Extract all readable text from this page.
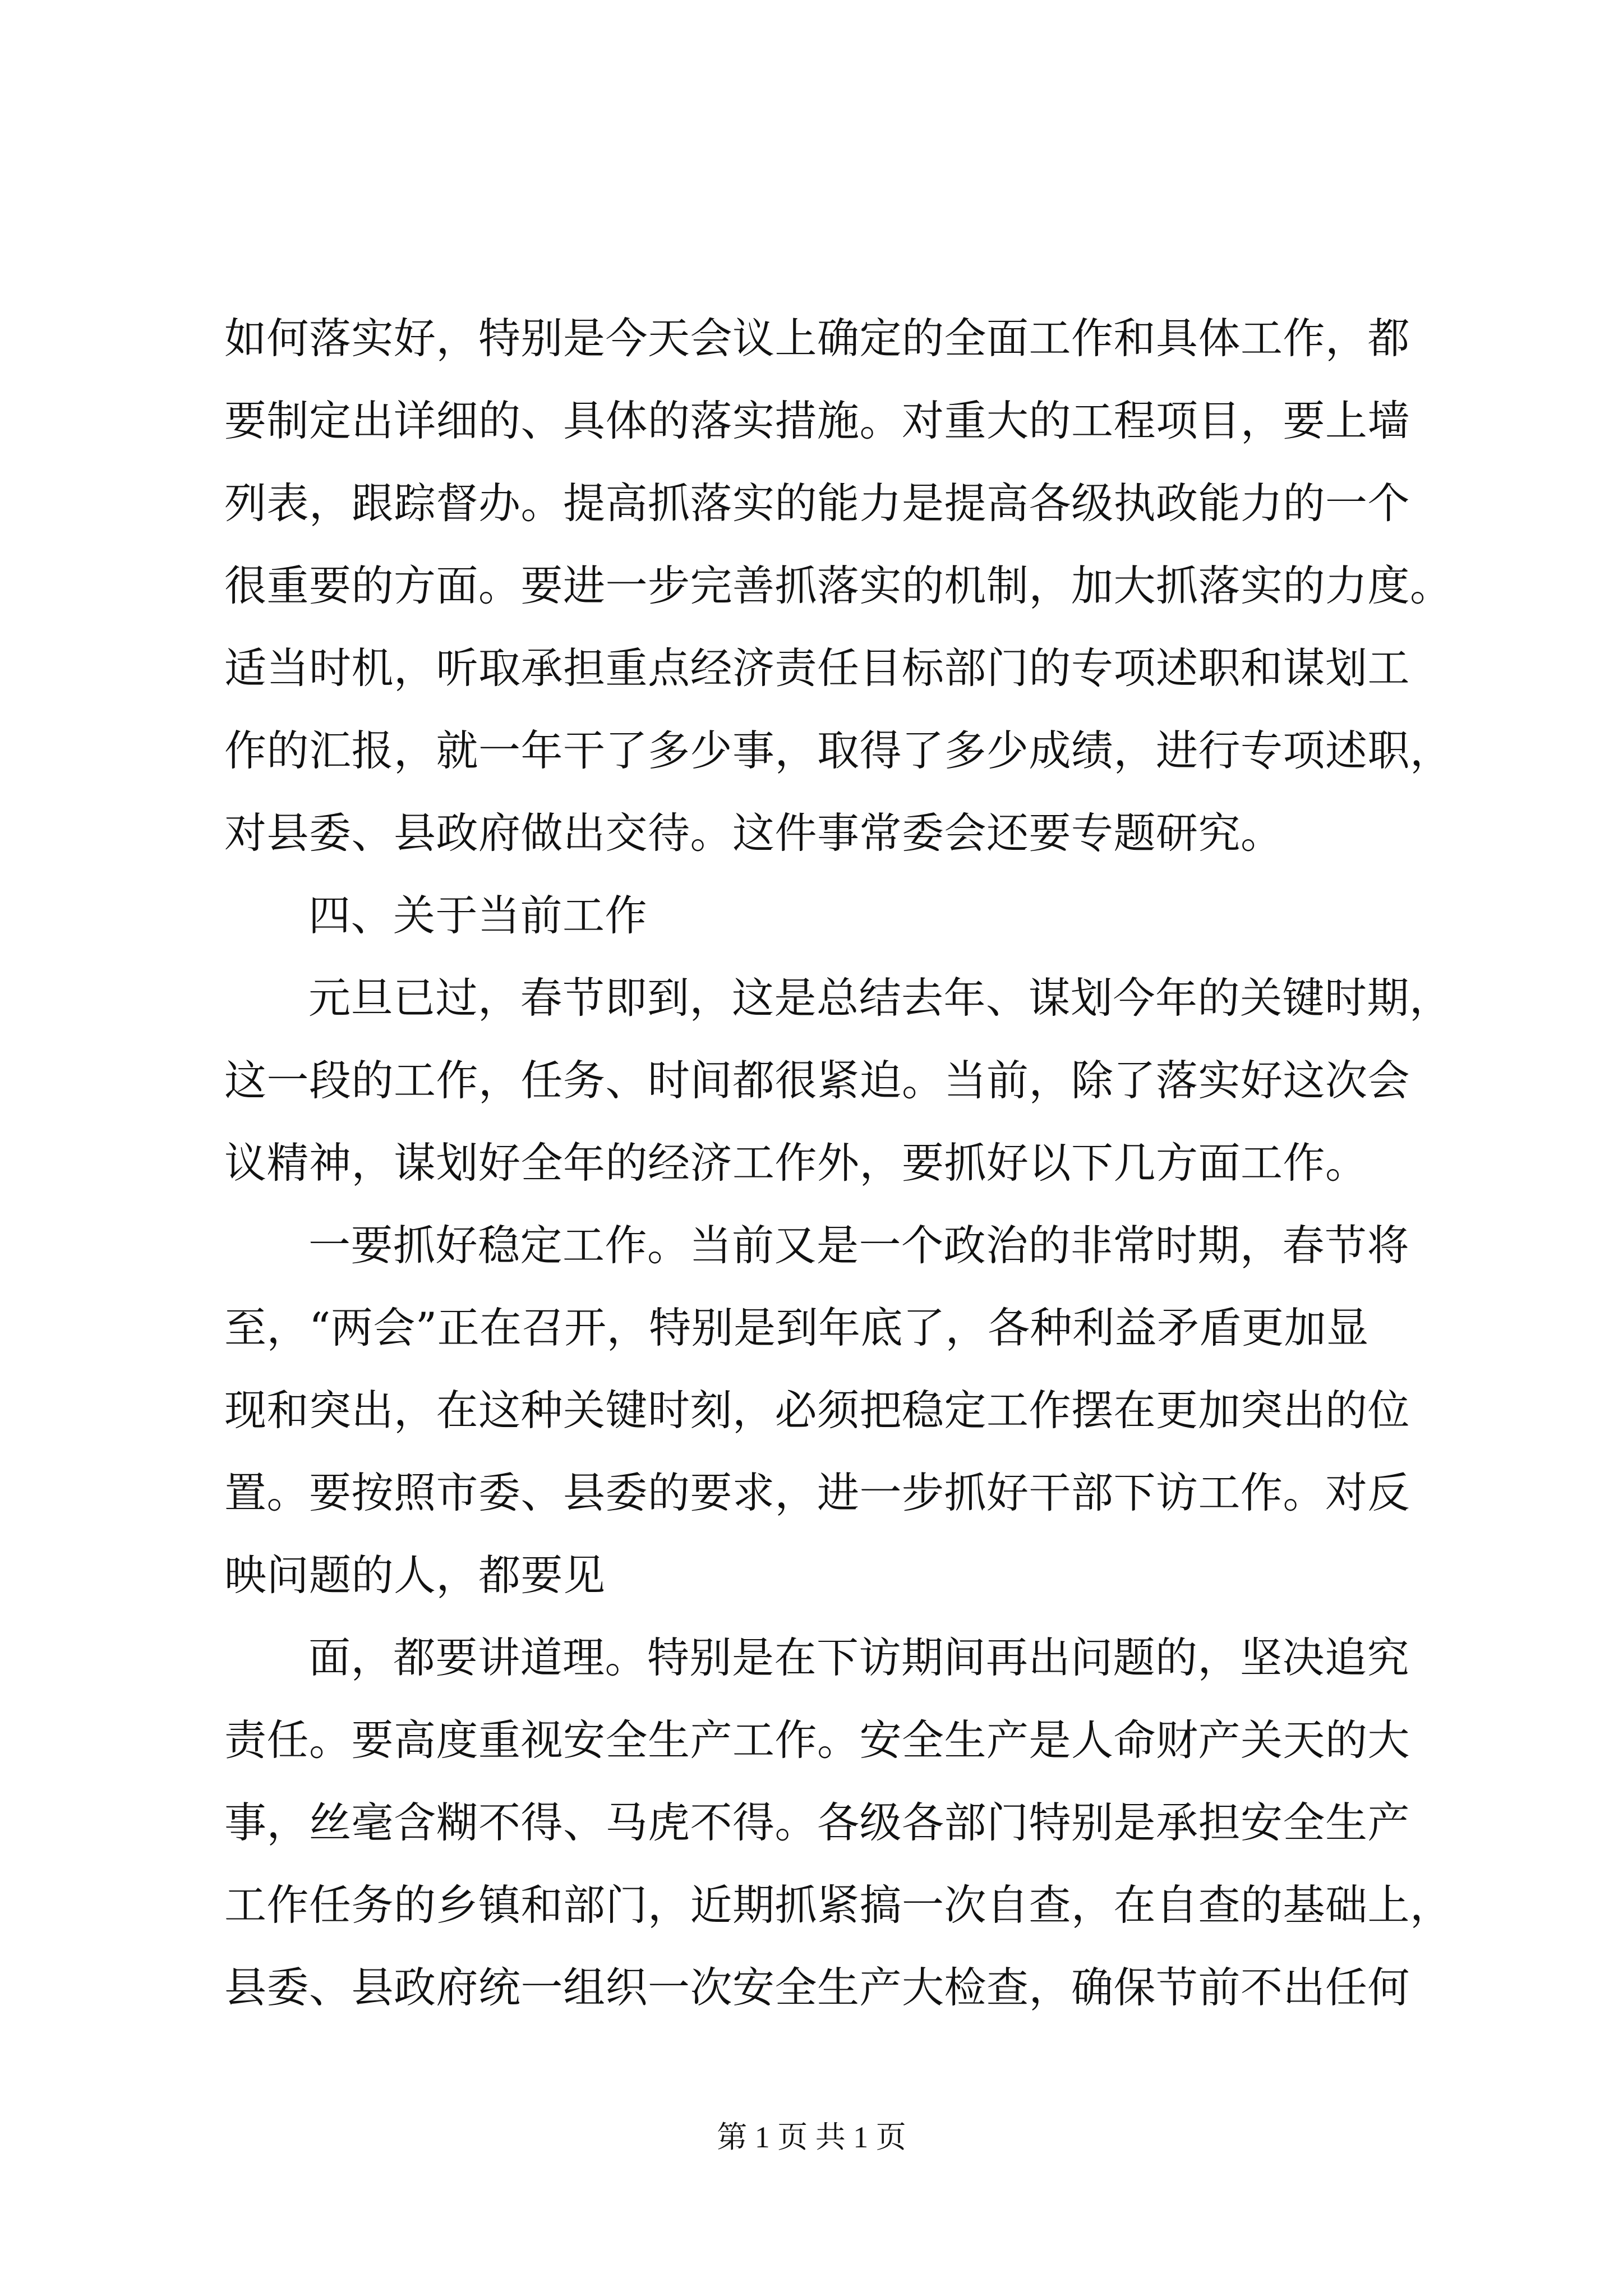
如何落实好，特别是今天会议上确定的全面工作和具体工作，都
要制定出详细的、具体的落实措施。对重大的工程项目，要上墙
列表，跟踪督办。提高抓落实的能力是提高各级执政能力的一个
很重要的方面。要进一步完善抓落实的机制，加大抓落实的力度。
适当时机，听取承担重点经济责任目标部门的专项述职和谋划工
作的汇报，就一年干了多少事，取得了多少成绩，进行专项述职，
对县委、县政府做出交待。这件事常委会还要专题研究。
四、关于当前工作
元旦已过，春节即到，这是总结去年、谋划今年的关键时期，
这一段的工作，任务、时间都很紧迫。当前，除了落实好这次会
议精神，谋划好全年的经济工作外，要抓好以下几方面工作。
一要抓好稳定工作。当前又是一个政治的非常时期，春节将
至，“两会”正在召开，特别是到年底了，各种利益矛盾更加显
现和突出，在这种关键时刻，必须把稳定工作摆在更加突出的位
置。要按照市委、县委的要求，进一步抓好干部下访工作。对反
映问题的人，都要见
面，都要讲道理。特别是在下访期间再出问题的，坚决追究
责任。要高度重视安全生产工作。安全生产是人命财产关天的大
事，丝毫含糊不得、马虎不得。各级各部门特别是承担安全生产
工作任务的乡镇和部门，近期抓紧搞一次自查，在自查的基础上，
县委、县政府统一组织一次安全生产大检查，确保节前不出任何
第 1 页 共 1 页
